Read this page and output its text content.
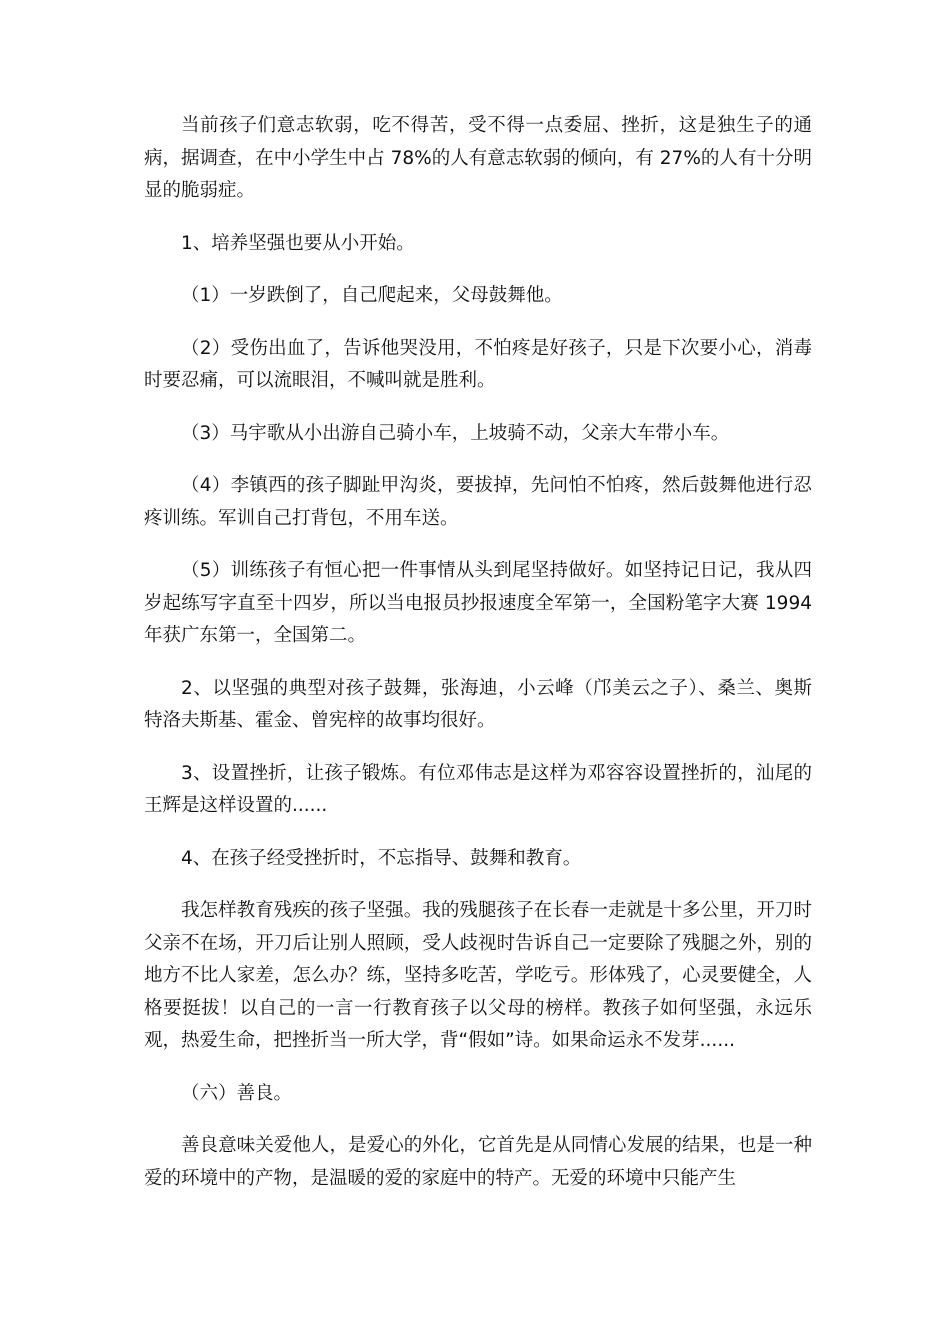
当前孩子们意志软弱，吃不得苦，受不得一点委屈、挫折，这是独生子的通病，据调查，在中小学生中占 78%的人有意志软弱的倾向，有 27%的人有十分明显的脆弱症。

1、培养坚强也要从小开始。

（1）一岁跌倒了，自己爬起来，父母鼓舞他。

（2）受伤出血了，告诉他哭没用，不怕疼是好孩子，只是下次要小心，消毒时要忍痛，可以流眼泪，不喊叫就是胜利。

（3）马宇歌从小出游自己骑小车，上坡骑不动，父亲大车带小车。

（4）李镇西的孩子脚趾甲沟炎，要拔掉，先问怕不怕疼，然后鼓舞他进行忍疼训练。军训自己打背包，不用车送。

（5）训练孩子有恒心把一件事情从头到尾坚持做好。如坚持记日记，我从四岁起练写字直至十四岁，所以当电报员抄报速度全军第一，全国粉笔字大赛 1994 年获广东第一，全国第二。

2、以坚强的典型对孩子鼓舞，张海迪，小云峰（邝美云之子）、桑兰、奥斯特洛夫斯基、霍金、曾宪梓的故事均很好。

3、设置挫折，让孩子锻炼。有位邓伟志是这样为邓容容设置挫折的，汕尾的王辉是这样设置的......

4、在孩子经受挫折时，不忘指导、鼓舞和教育。

我怎样教育残疾的孩子坚强。我的残腿孩子在长春一走就是十多公里，开刀时父亲不在场，开刀后让别人照顾，受人歧视时告诉自己一定要除了残腿之外，别的地方不比人家差，怎么办？练，坚持多吃苦，学吃亏。形体残了，心灵要健全，人格要挺拔！以自己的一言一行教育孩子以父母的榜样。教孩子如何坚强，永远乐观，热爱生命，把挫折当一所大学，背“假如”诗。如果命运永不发芽......

（六）善良。

善良意味关爱他人，是爱心的外化，它首先是从同情心发展的结果，也是一种爱的环境中的产物，是温暖的爱的家庭中的特产。无爱的环境中只能产生
